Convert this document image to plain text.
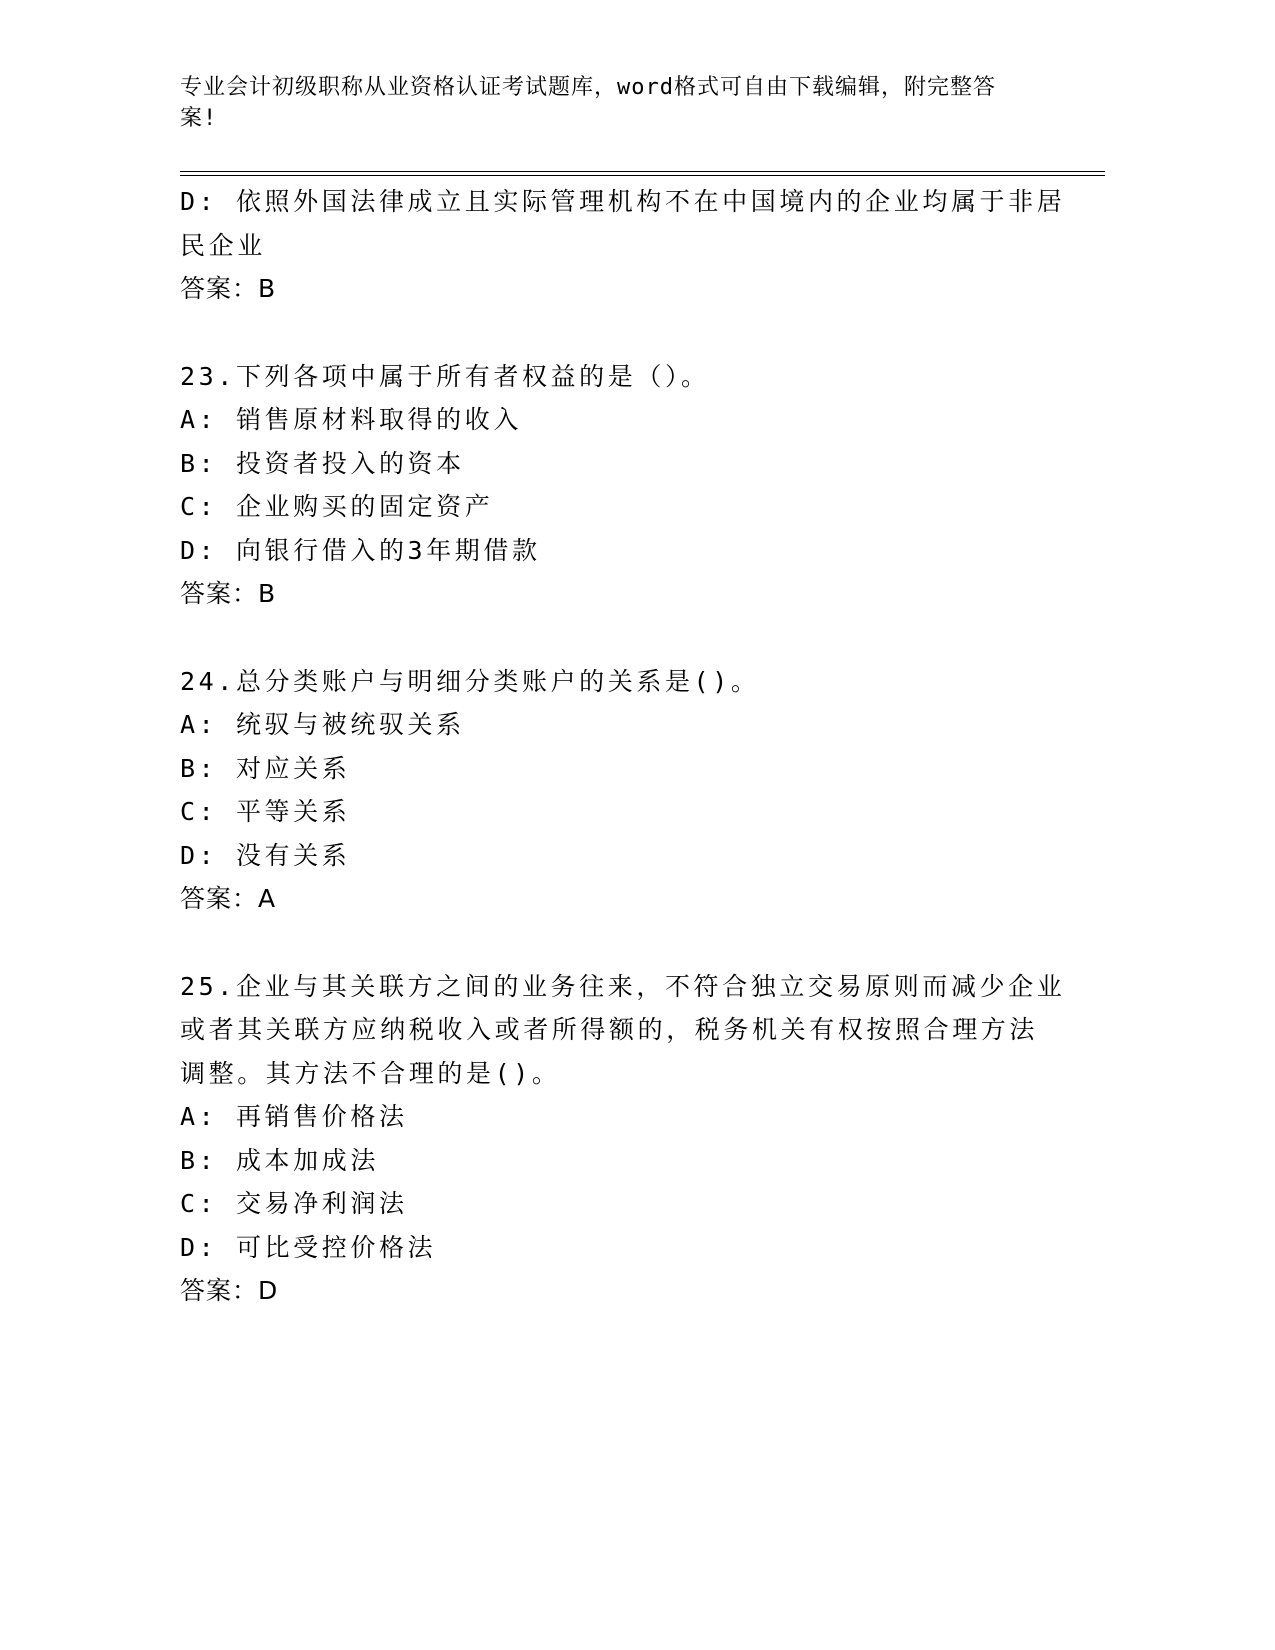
专业会计初级职称从业资格认证考试题库，word格式可自由下载编辑，附完整答
案!
D: 依照外国法律成立且实际管理机构不在中国境内的企业均属于非居
民企业
答案：B
23.下列各项中属于所有者权益的是（）。
A: 销售原材料取得的收入
B: 投资者投入的资本
C: 企业购买的固定资产
D: 向银行借入的3年期借款
答案：B
24.总分类账户与明细分类账户的关系是()。
A: 统驭与被统驭关系
B: 对应关系
C: 平等关系
D: 没有关系
答案：A
25.企业与其关联方之间的业务往来，不符合独立交易原则而减少企业
或者其关联方应纳税收入或者所得额的，税务机关有权按照合理方法
调整。其方法不合理的是()。
A: 再销售价格法
B: 成本加成法
C: 交易净利润法
D: 可比受控价格法
答案：D
